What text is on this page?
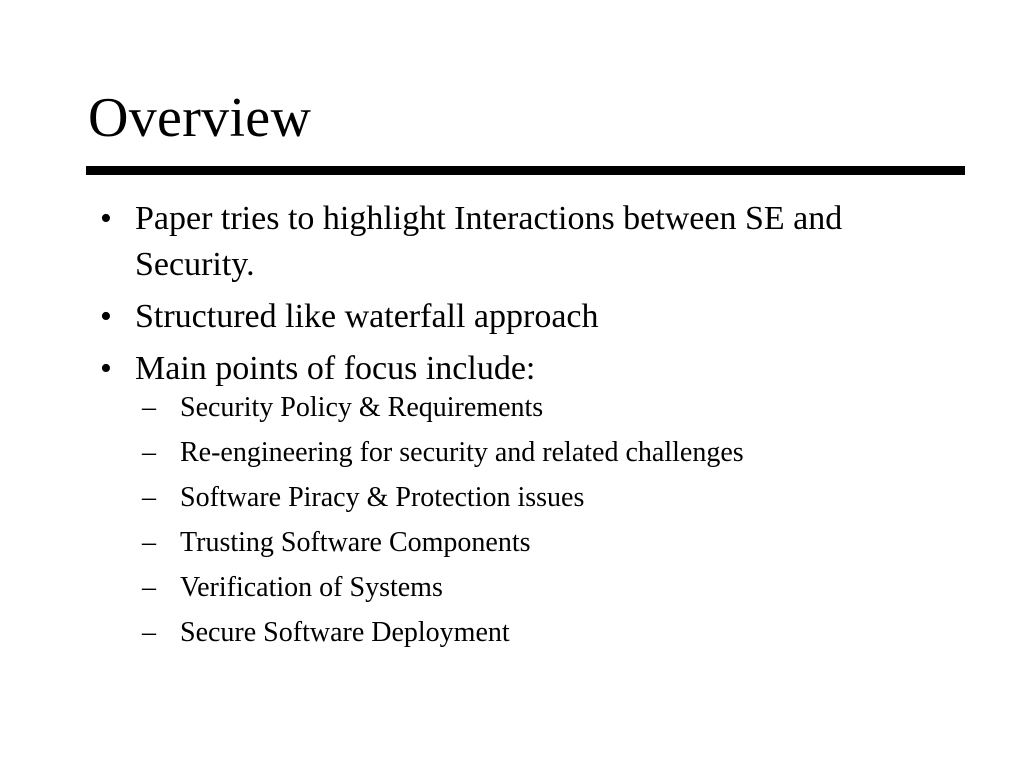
Overview
• Paper tries to highlight Interactions between SE and Security.
• Structured like waterfall approach
• Main points of focus include:
– Security Policy & Requirements
– Re-engineering for security and related challenges
– Software Piracy & Protection issues
– Trusting Software Components
– Verification of Systems
– Secure Software Deployment
